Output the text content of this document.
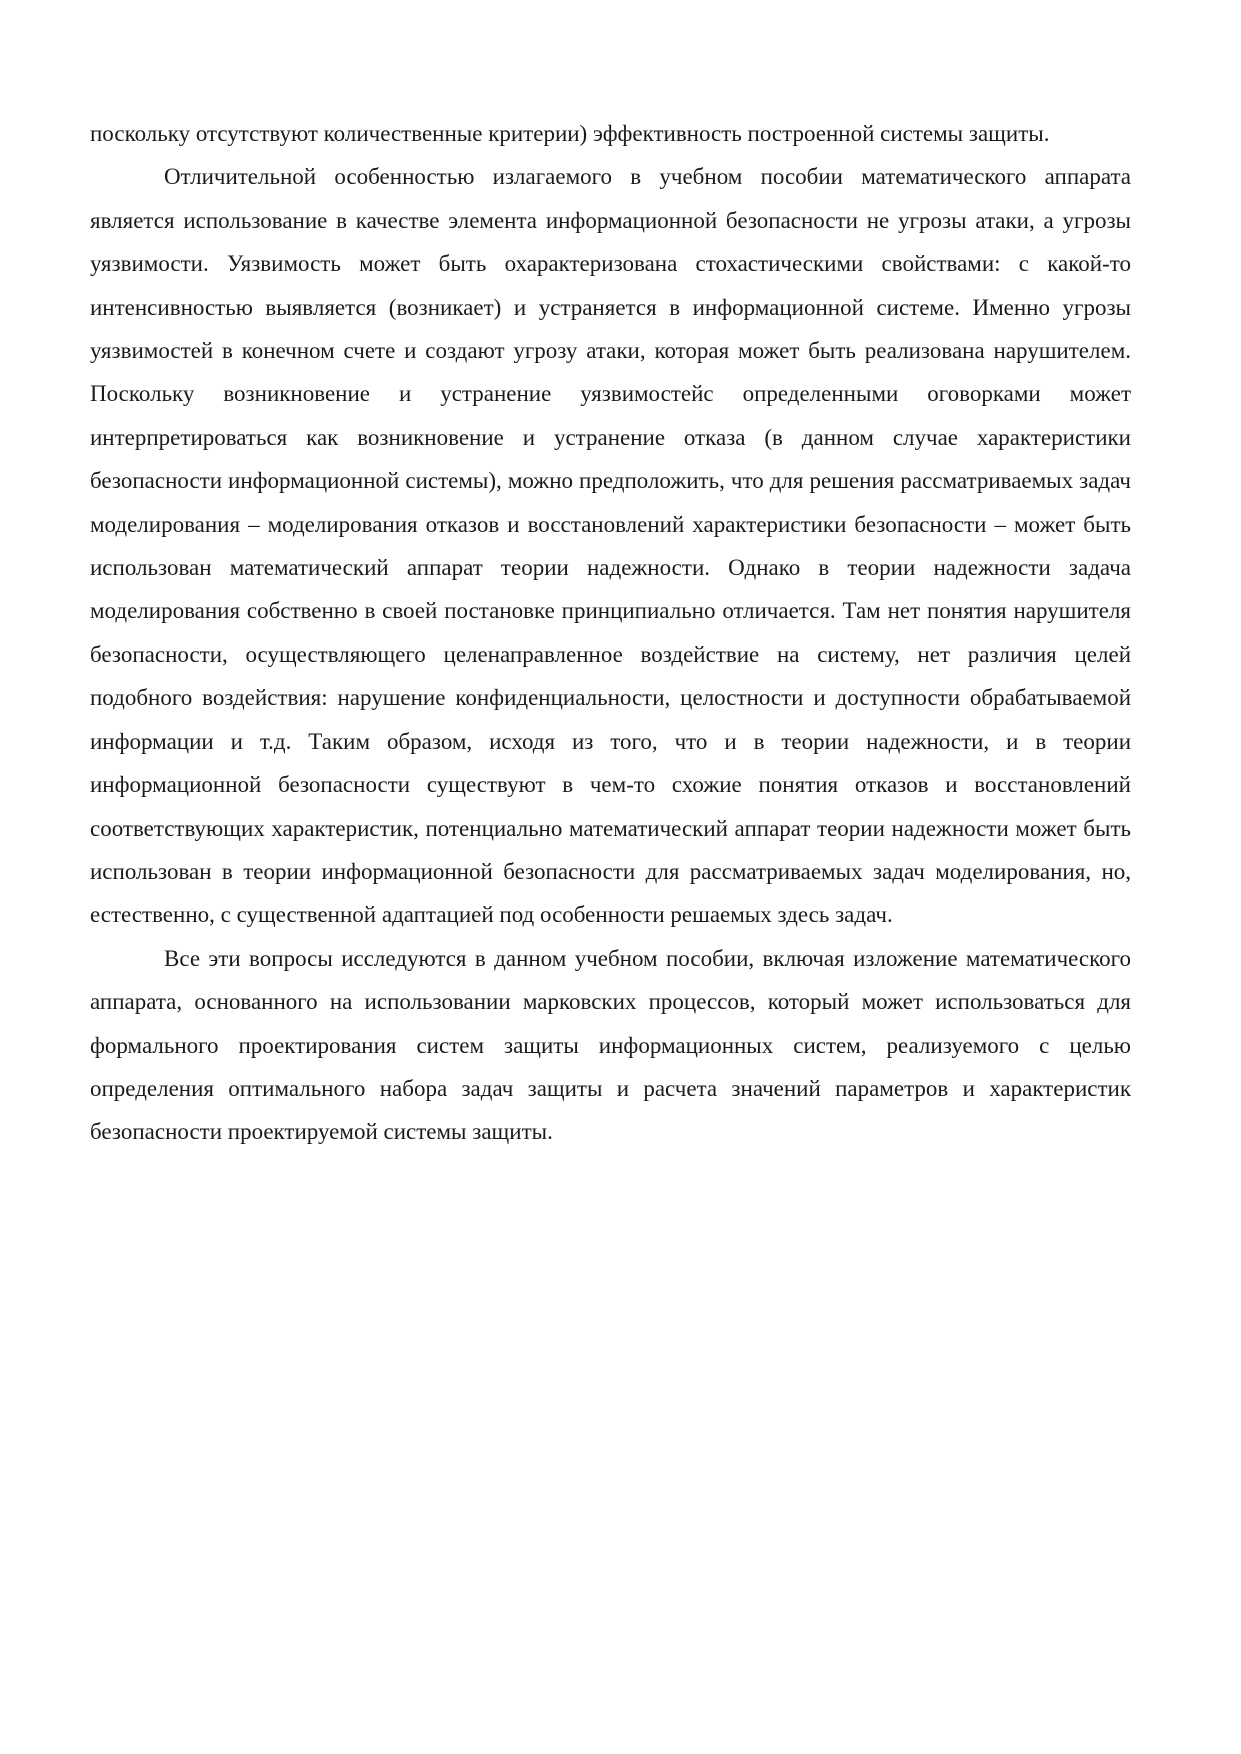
поскольку отсутствуют количественные критерии) эффективность построенной системы защиты.

Отличительной особенностью излагаемого в учебном пособии математического аппарата является использование в качестве элемента информационной безопасности не угрозы атаки, а угрозы уязвимости. Уязвимость может быть охарактеризована стохастическими свойствами: с какой-то интенсивностью выявляется (возникает) и устраняется в информационной системе. Именно угрозы уязвимостей в конечном счете и создают угрозу атаки, которая может быть реализована нарушителем. Поскольку возникновение и устранение уязвимостейс определенными оговорками может интерпретироваться как возникновение и устранение отказа (в данном случае характеристики безопасности информационной системы), можно предположить, что для решения рассматриваемых задач моделирования – моделирования отказов и восстановлений характеристики безопасности – может быть использован математический аппарат теории надежности. Однако в теории надежности задача моделирования собственно в своей постановке принципиально отличается. Там нет понятия нарушителя безопасности, осуществляющего целенаправленное воздействие на систему, нет различия целей подобного воздействия: нарушение конфиденциальности, целостности и доступности обрабатываемой информации и т.д. Таким образом, исходя из того, что и в теории надежности, и в теории информационной безопасности существуют в чем-то схожие понятия отказов и восстановлений соответствующих характеристик, потенциально математический аппарат теории надежности может быть использован в теории информационной безопасности для рассматриваемых задач моделирования, но, естественно, с существенной адаптацией под особенности решаемых здесь задач.

Все эти вопросы исследуются в данном учебном пособии, включая изложение математического аппарата, основанного на использовании марковских процессов, который может использоваться для формального проектирования систем защиты информационных систем, реализуемого с целью определения оптимального набора задач защиты и расчета значений параметров и характеристик безопасности проектируемой системы защиты.
